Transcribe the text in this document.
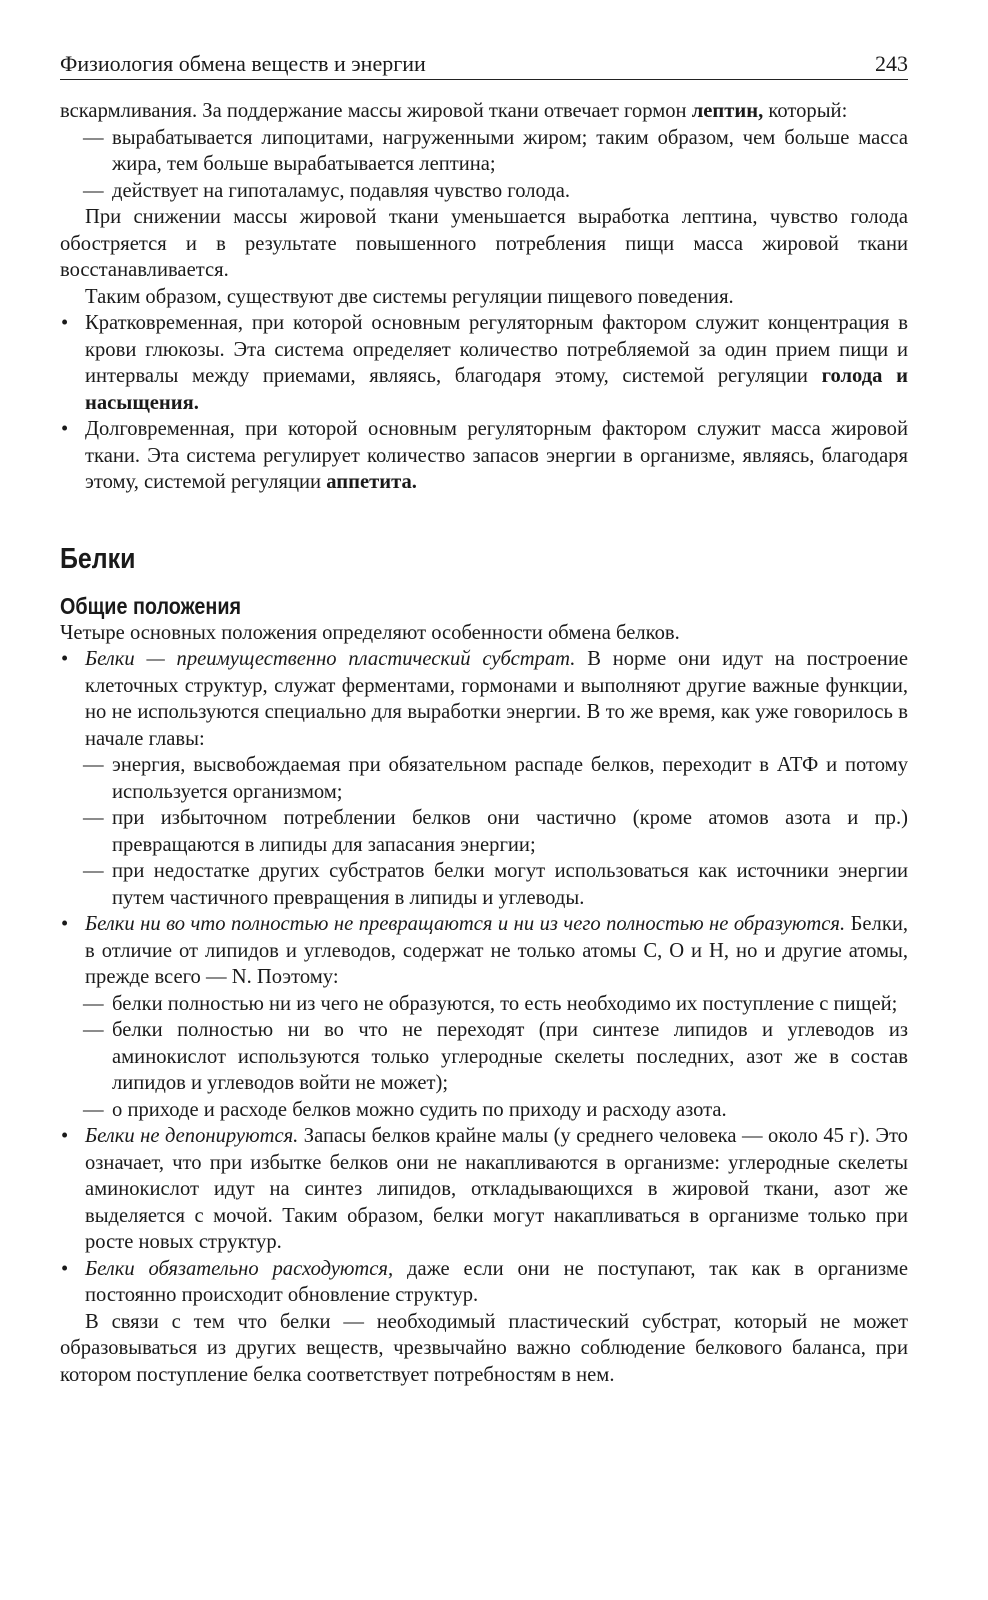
Физиология обмена веществ и энергии	243

вскармливания. За поддержание массы жировой ткани отвечает гормон лептин, который:

— вырабатывается липоцитами, нагруженными жиром; таким образом, чем больше масса жира, тем больше вырабатывается лептина;

— действует на гипоталамус, подавляя чувство голода.

При снижении массы жировой ткани уменьшается выработка лептина, чувство голода обостряется и в результате повышенного потребления пищи масса жировой ткани восстанавливается.

Таким образом, существуют две системы регуляции пищевого поведения.

• Кратковременная, при которой основным регуляторным фактором служит концентрация в крови глюкозы. Эта система определяет количество потребляемой за один прием пищи и интервалы между приемами, являясь, благодаря этому, системой регуляции голода и насыщения.

• Долговременная, при которой основным регуляторным фактором служит масса жировой ткани. Эта система регулирует количество запасов энергии в организме, являясь, благодаря этому, системой регуляции аппетита.

Белки
Общие положения

Четыре основных положения определяют особенности обмена белков.

• Белки — преимущественно пластический субстрат. В норме они идут на построение клеточных структур, служат ферментами, гормонами и выполняют другие важные функции, но не используются специально для выработки энергии. В то же время, как уже говорилось в начале главы:

— энергия, высвобождаемая при обязательном распаде белков, переходит в АТФ и потому используется организмом;

— при избыточном потреблении белков они частично (кроме атомов азота и пр.) превращаются в липиды для запасания энергии;

— при недостатке других субстратов белки могут использоваться как источники энергии путем частичного превращения в липиды и углеводы.

• Белки ни во что полностью не превращаются и ни из чего полностью не образуются. Белки, в отличие от липидов и углеводов, содержат не только атомы С, О и Н, но и другие атомы, прежде всего — N. Поэтому:

— белки полностью ни из чего не образуются, то есть необходимо их поступление с пищей;

— белки полностью ни во что не переходят (при синтезе липидов и углеводов из аминокислот используются только углеродные скелеты последних, азот же в состав липидов и углеводов войти не может);

— о приходе и расходе белков можно судить по приходу и расходу азота.

• Белки не депонируются. Запасы белков крайне малы (у среднего человека — около 45 г). Это означает, что при избытке белков они не накапливаются в организме: углеродные скелеты аминокислот идут на синтез липидов, откладывающихся в жировой ткани, азот же выделяется с мочой. Таким образом, белки могут накапливаться в организме только при росте новых структур.

• Белки обязательно расходуются, даже если они не поступают, так как в организме постоянно происходит обновление структур.

В связи с тем что белки — необходимый пластический субстрат, который не может образовываться из других веществ, чрезвычайно важно соблюдение белкового баланса, при котором поступление белка соответствует потребностям в нем.
